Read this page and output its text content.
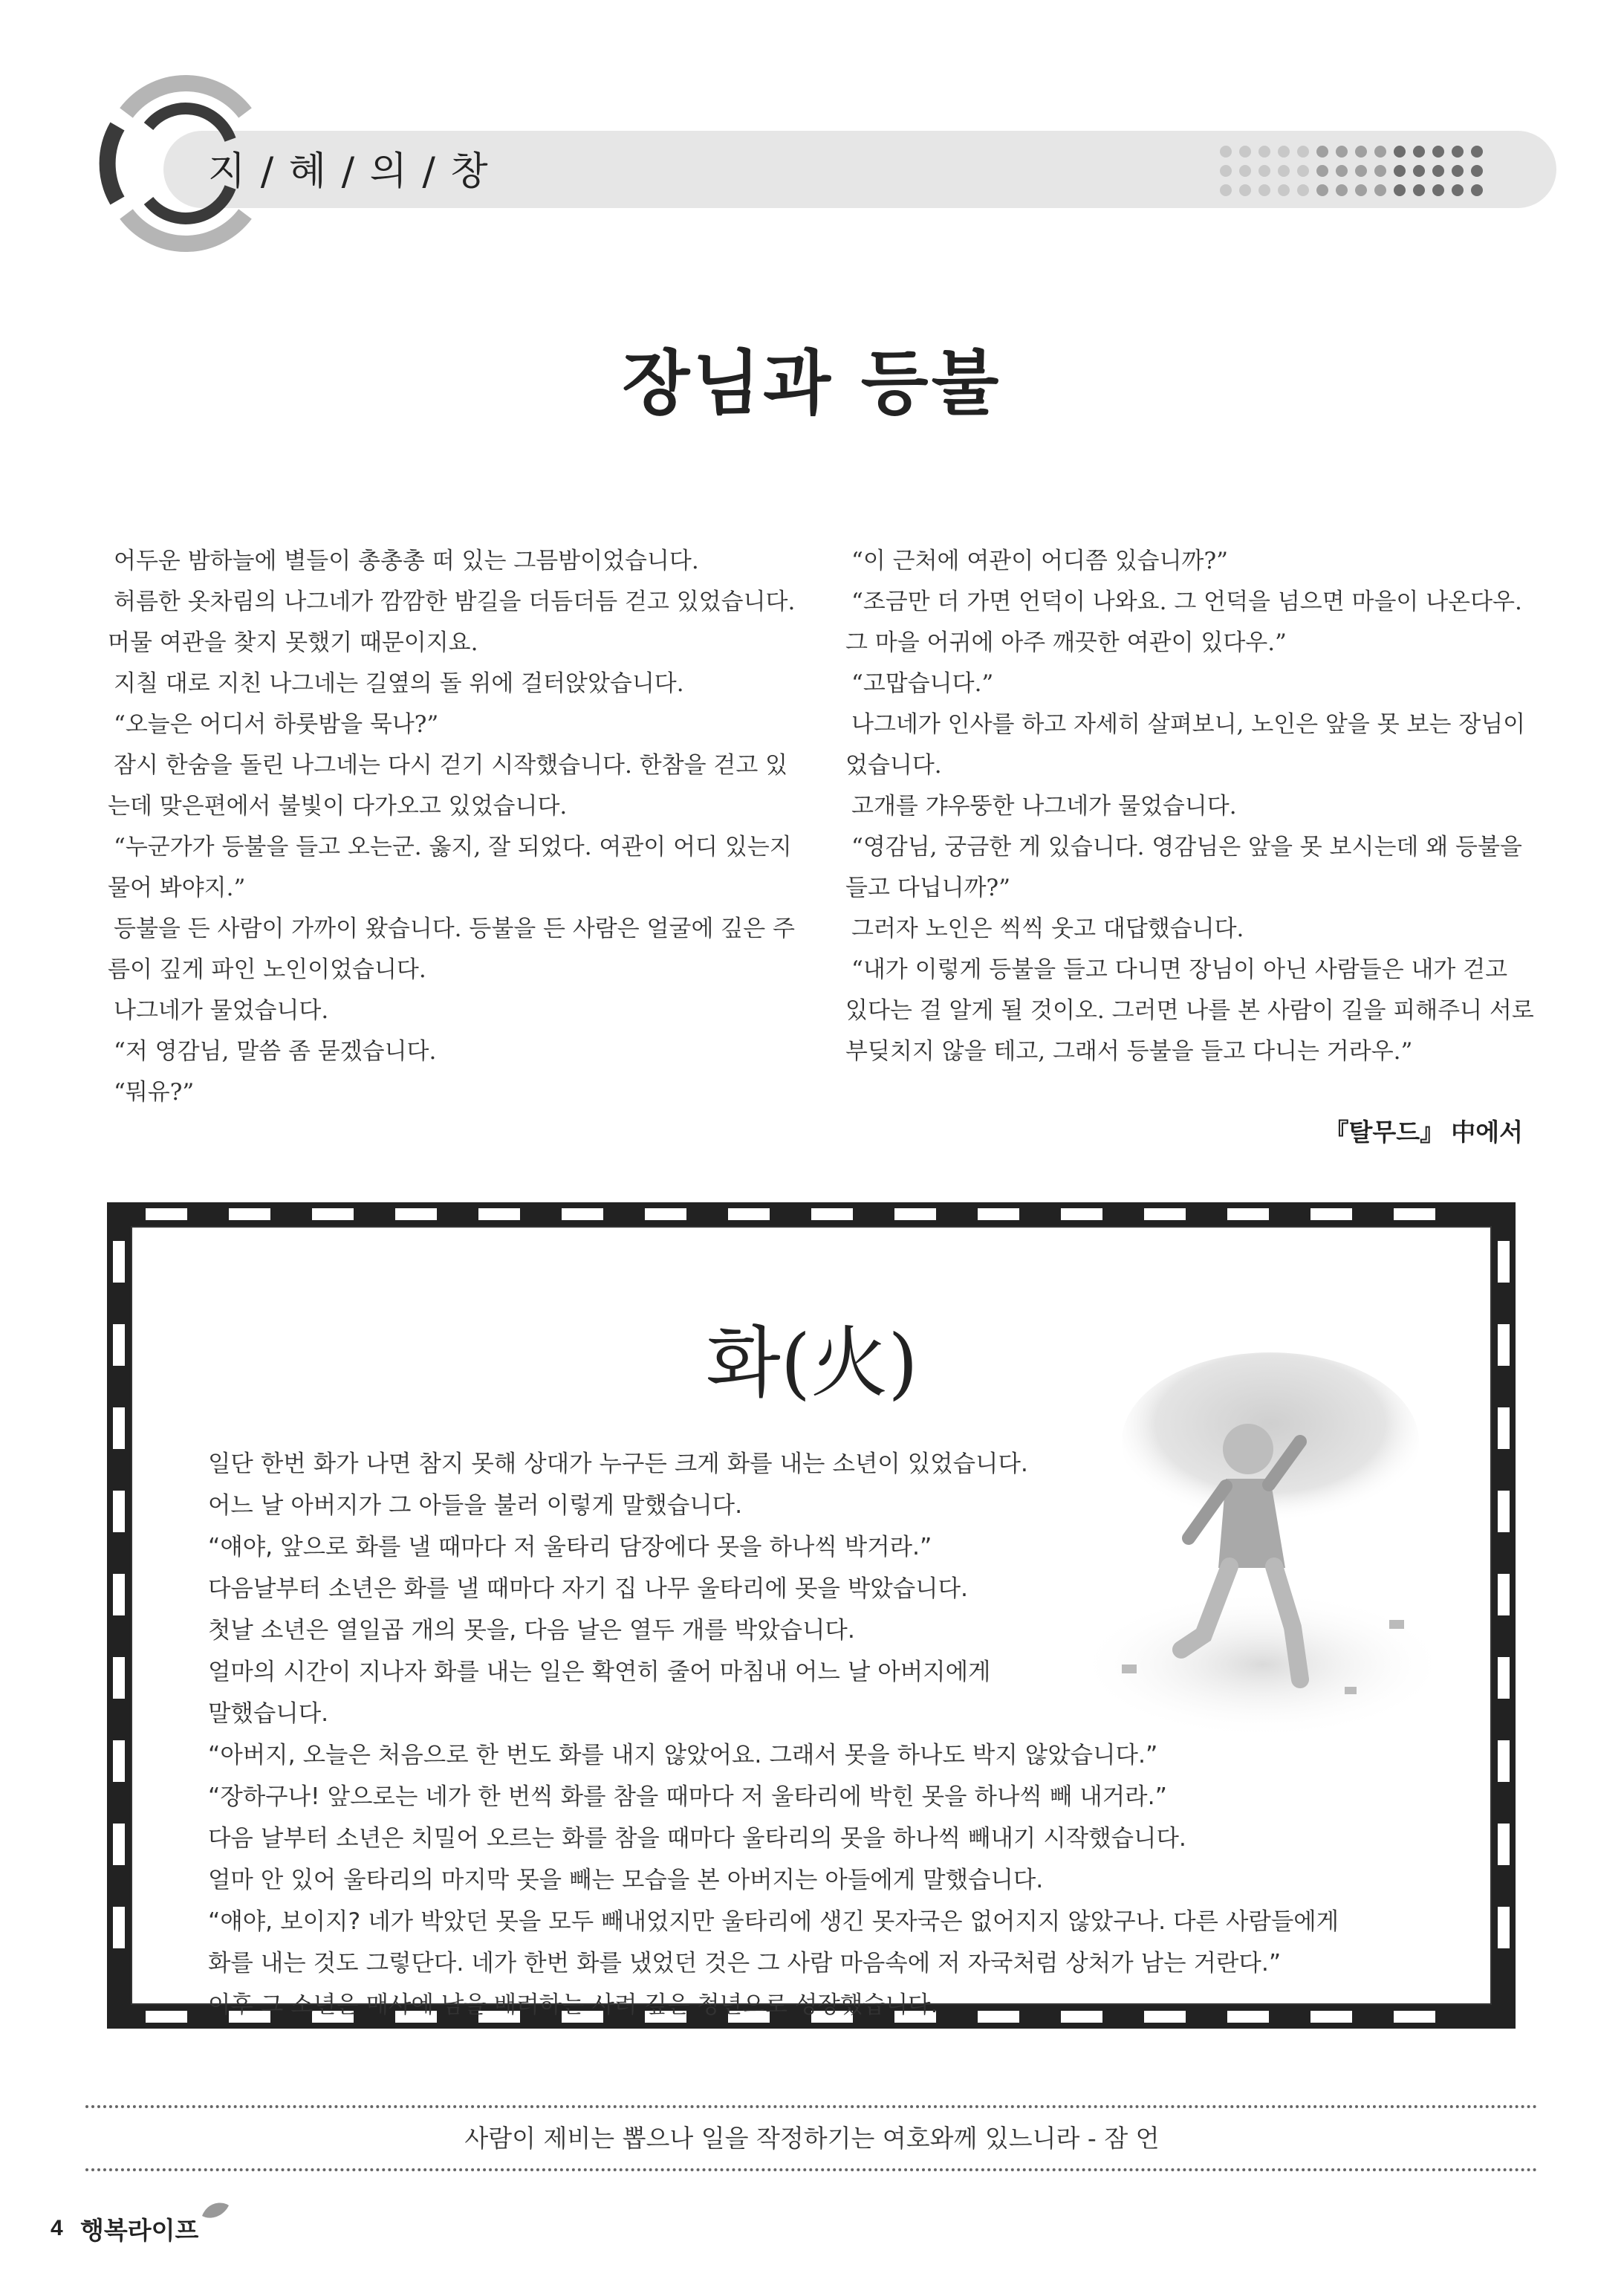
지 / 혜 / 의 / 창
장님과 등불

어두운 밤하늘에 별들이 총총총 떠 있는 그믐밤이었습니다.

허름한 옷차림의 나그네가 깜깜한 밤길을 더듬더듬 걷고 있었습니다. 머물 여관을 찾지 못했기 때문이지요.

지칠 대로 지친 나그네는 길옆의 돌 위에 걸터앉았습니다.

“오늘은 어디서 하룻밤을 묵나?”

잠시 한숨을 돌린 나그네는 다시 걷기 시작했습니다. 한참을 걷고 있는데 맞은편에서 불빛이 다가오고 있었습니다.

“누군가가 등불을 들고 오는군. 옳지, 잘 되었다. 여관이 어디 있는지 물어 봐야지.”

등불을 든 사람이 가까이 왔습니다. 등불을 든 사람은 얼굴에 깊은 주름이 깊게 파인 노인이었습니다.

나그네가 물었습니다.

“저 영감님, 말씀 좀 묻겠습니다.

“뭐유?”

“이 근처에 여관이 어디쯤 있습니까?”

“조금만 더 가면 언덕이 나와요. 그 언덕을 넘으면 마을이 나온다우. 그 마을 어귀에 아주 깨끗한 여관이 있다우.”

“고맙습니다.”

나그네가 인사를 하고 자세히 살펴보니, 노인은 앞을 못 보는 장님이었습니다.

고개를 갸우뚱한 나그네가 물었습니다.

“영감님, 궁금한 게 있습니다. 영감님은 앞을 못 보시는데 왜 등불을 들고 다닙니까?”

그러자 노인은 씩씩 웃고 대답했습니다.

“내가 이렇게 등불을 들고 다니면 장님이 아닌 사람들은 내가 걷고 있다는 걸 알게 될 것이오. 그러면 나를 본 사람이 길을 피해주니 서로 부딪치지 않을 테고, 그래서 등불을 들고 다니는 거라우.”

『탈무드』 中에서
화(火)

일단 한번 화가 나면 참지 못해 상대가 누구든 크게 화를 내는 소년이 있었습니다.

어느 날 아버지가 그 아들을 불러 이렇게 말했습니다.

“얘야, 앞으로 화를 낼 때마다 저 울타리 담장에다 못을 하나씩 박거라.”

다음날부터 소년은 화를 낼 때마다 자기 집 나무 울타리에 못을 박았습니다.

첫날 소년은 열일곱 개의 못을, 다음 날은 열두 개를 박았습니다.

얼마의 시간이 지나자 화를 내는 일은 확연히 줄어 마침내 어느 날 아버지에게

말했습니다.

“아버지, 오늘은 처음으로 한 번도 화를 내지 않았어요. 그래서 못을 하나도 박지 않았습니다.”

“장하구나! 앞으로는 네가 한 번씩 화를 참을 때마다 저 울타리에 박힌 못을 하나씩 빼 내거라.”

다음 날부터 소년은 치밀어 오르는 화를 참을 때마다 울타리의 못을 하나씩 빼내기 시작했습니다.

얼마 안 있어 울타리의 마지막 못을 빼는 모습을 본 아버지는 아들에게 말했습니다.

“얘야, 보이지? 네가 박았던 못을 모두 빼내었지만 울타리에 생긴 못자국은 없어지지 않았구나. 다른 사람들에게

화를 내는 것도 그렇단다. 네가 한번 화를 냈었던 것은 그 사람 마음속에 저 자국처럼 상처가 남는 거란다.”

이후 그 소년은 매사에 남을 배려하는 사려 깊은 청년으로 성장했습니다.

사람이 제비는 뽑으나 일을 작정하기는 여호와께 있느니라 - 잠 언
4 행복라이프
